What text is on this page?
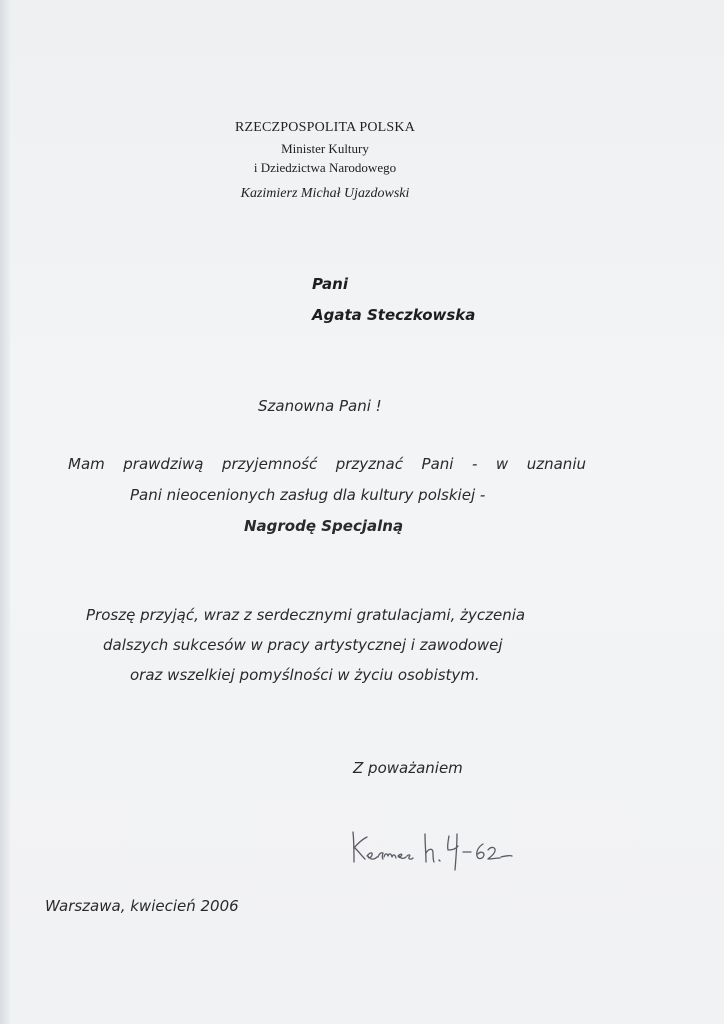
RZECZPOSPOLITA POLSKA
Minister Kultury
i Dziedzictwa Narodowego
Kazimierz Michał Ujazdowski
Pani
Agata Steczkowska
Szanowna Pani !
Mam prawdziwą przyjemność przyznać Pani - w uznaniu
Pani nieocenionych zasług dla kultury polskiej -
Nagrodę Specjalną
Proszę przyjąć, wraz z serdecznymi gratulacjami, życzenia
dalszych sukcesów w pracy artystycznej i zawodowej
oraz wszelkiej pomyślności w życiu osobistym.
Z poważaniem
Warszawa, kwiecień 2006
